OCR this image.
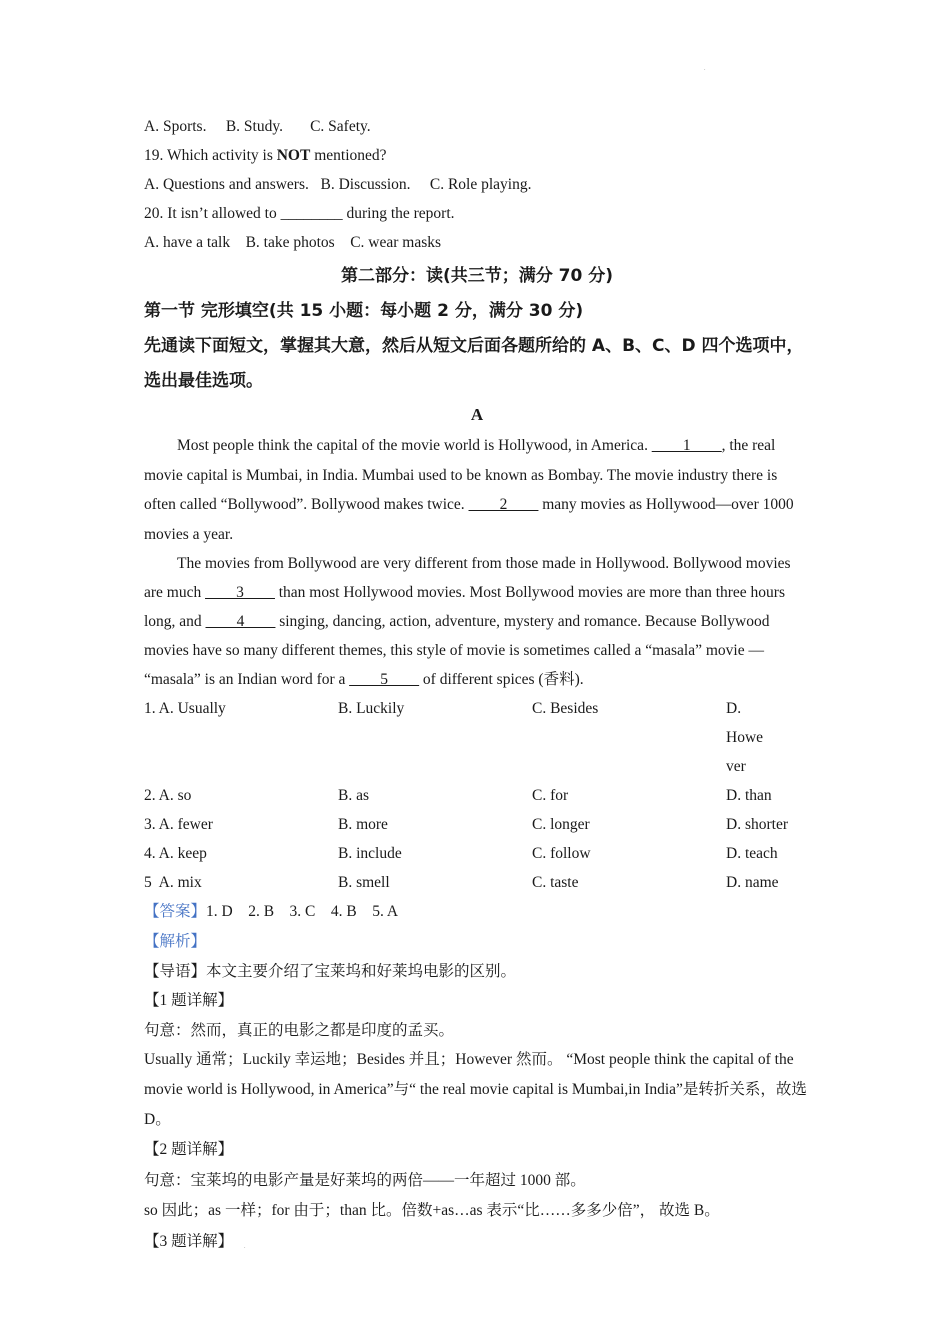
.
A. Sports.     B. Study.       C. Safety.
19. Which activity is NOT mentioned?
A. Questions and answers.   B. Discussion.     C. Role playing.
20. It isn’t allowed to ________ during the report.
A. have a talk    B. take photos    C. wear masks
第二部分：读(共三节；满分 70 分)
第一节 完形填空(共 15 小题：每小题 2 分，满分 30 分)
先通读下面短文，掌握其大意，然后从短文后面各题所给的 A、B、C、D 四个选项中，选出最佳选项。
A
Most people think the capital of the movie world is Hollywood, in America. ____1____, the real movie capital is Mumbai, in India. Mumbai used to be known as Bombay. The movie industry there is often called “Bollywood”. Bollywood makes twice. ____2____ many movies as Hollywood—over 1000 movies a year.
The movies from Bollywood are very different from those made in Hollywood. Bollywood movies are much ____3____ than most Hollywood movies. Most Bollywood movies are more than three hours long, and ____4____ singing, dancing, action, adventure, mystery and romance. Because Bollywood movies have so many different themes, this style of movie is sometimes called a “masala” movie — “masala” is an Indian word for a ____5____ of different spices (香料).
1. A. Usually	B. Luckily	C. Besides	D. However
2. A. so	B. as	C. for	D. than
3. A. fewer	B. more	C. longer	D. shorter
4. A. keep	B. include	C. follow	D. teach
5  A. mix	B. smell	C. taste	D. name
【答案】1. D    2. B    3. C    4. B    5. A
【解析】
【导语】本文主要介绍了宝莱坞和好莱坞电影的区别。
【1 题详解】
句意：然而，真正的电影之都是印度的孟买。
Usually 通常；Luckily 幸运地；Besides 并且；However 然而。 “Most people think the capital of the movie world is Hollywood, in America”与“ the real movie capital is Mumbai,in India”是转折关系，故选 D。
【2 题详解】
句意：宝莱坞的电影产量是好莱坞的两倍——一年超过 1000 部。
so 因此；as 一样；for 由于；than 比。倍数+as…as 表示“比……多多少倍”， 故选 B。
【3 题详解】	.
